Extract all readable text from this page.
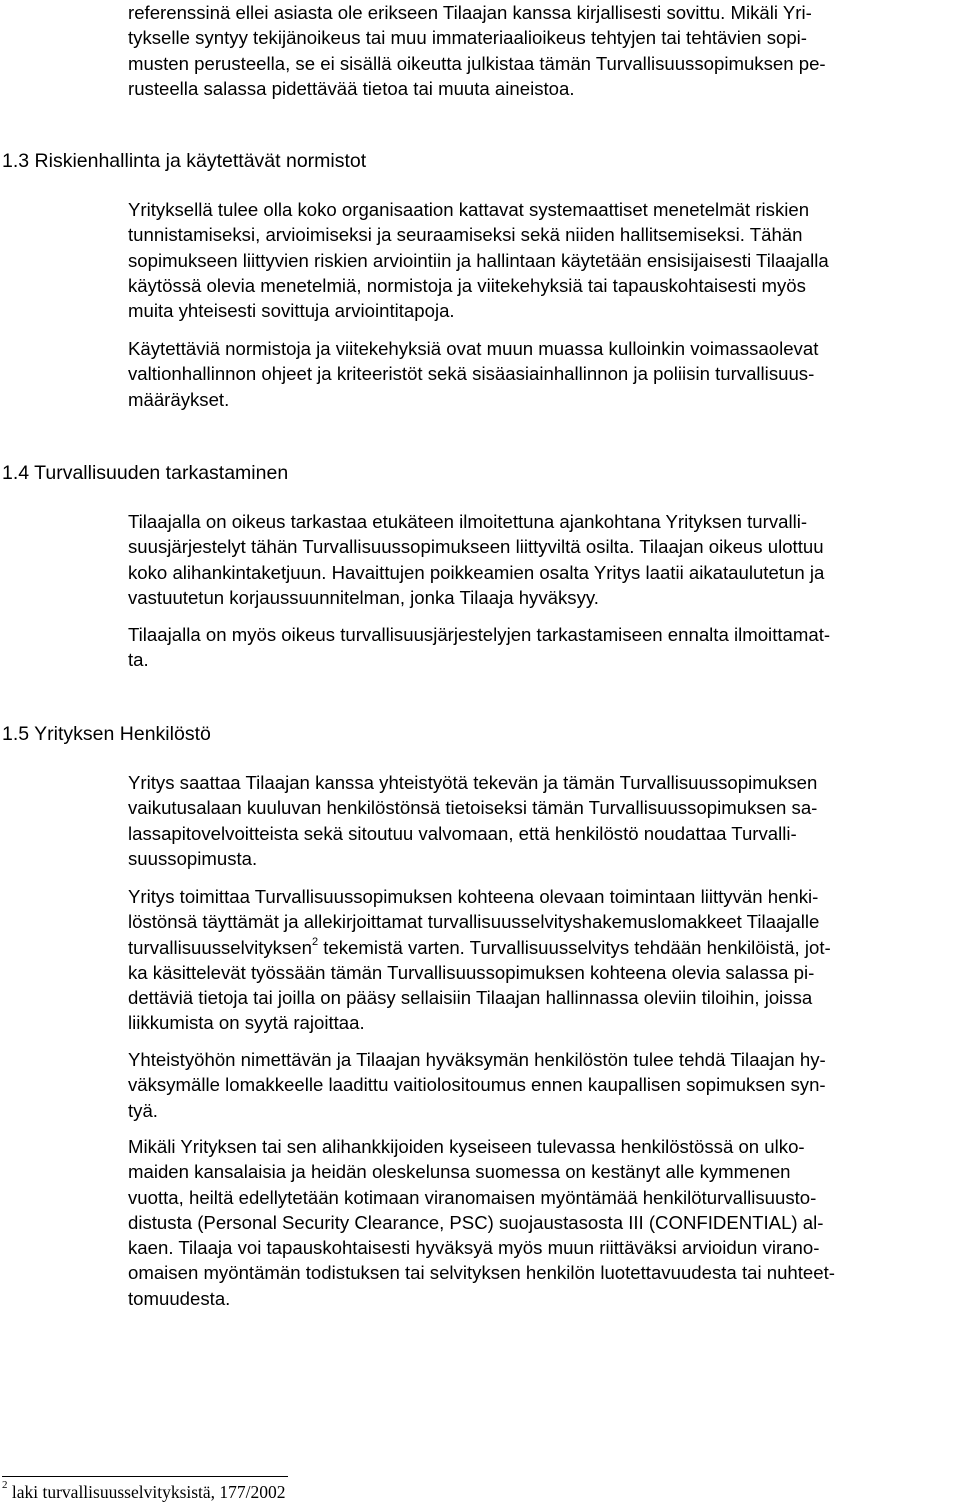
referenssinä ellei asiasta ole erikseen Tilaajan kanssa kirjallisesti sovittu. Mikäli Yri-
tykselle syntyy tekijänoikeus tai muu immateriaalioikeus tehtyjen tai tehtävien sopi-
musten perusteella, se ei sisällä oikeutta julkistaa tämän Turvallisuussopimuksen pe-
rusteella salassa pidettävää tietoa tai muuta aineistoa.
1.3 Riskienhallinta ja käytettävät normistot
Yrityksellä tulee olla koko organisaation kattavat systemaattiset menetelmät riskien
tunnistamiseksi, arvioimiseksi ja seuraamiseksi sekä niiden hallitsemiseksi. Tähän
sopimukseen liittyvien riskien arviointiin ja hallintaan käytetään ensisijaisesti Tilaajalla
käytössä olevia menetelmiä, normistoja ja viitekehyksiä tai tapauskohtaisesti myös
muita yhteisesti sovittuja arviointitapoja.
Käytettäviä normistoja ja viitekehyksiä ovat muun muassa kulloinkin voimassaolevat
valtionhallinnon ohjeet ja kriteeristöt sekä sisäasiainhallinnon ja poliisin turvallisuus-
määräykset.
1.4 Turvallisuuden tarkastaminen
Tilaajalla on oikeus tarkastaa etukäteen ilmoitettuna ajankohtana Yrityksen turvalli-
suusjärjestelyt tähän Turvallisuussopimukseen liittyviltä osilta. Tilaajan oikeus ulottuu
koko alihankintaketjuun. Havaittujen poikkeamien osalta Yritys laatii aikataulutetun ja
vastuutetun korjaussuunnitelman, jonka Tilaaja hyväksyy.
Tilaajalla on myös oikeus turvallisuusjärjestelyjen tarkastamiseen ennalta ilmoittamat-
ta.
1.5 Yrityksen Henkilöstö
Yritys saattaa Tilaajan kanssa yhteistyötä tekevän ja tämän Turvallisuussopimuksen
vaikutusalaan kuuluvan henkilöstönsä tietoiseksi tämän Turvallisuussopimuksen sa-
lassapitovelvoitteista sekä sitoutuu valvomaan, että henkilöstö noudattaa Turvalli-
suussopimusta.
Yritys toimittaa Turvallisuussopimuksen kohteena olevaan toimintaan liittyvän henki-
löstönsä täyttämät ja allekirjoittamat turvallisuusselvityshakemuslomakkeet Tilaajalle
turvallisuusselvityksen$^2$ tekemistä varten. Turvallisuusselvitys tehdään henkilöistä, jot-
ka käsittelevät työssään tämän Turvallisuussopimuksen kohteena olevia salassa pi-
dettäviä tietoja tai joilla on pääsy sellaisiin Tilaajan hallinnassa oleviin tiloihin, joissa
liikkumista on syytä rajoittaa.
Yhteistyöhön nimettävän ja Tilaajan hyväksymän henkilöstön tulee tehdä Tilaajan hy-
väksymälle lomakkeelle laadittu vaitiolositoumus ennen kaupallisen sopimuksen syn-
tyä.
Mikäli Yrityksen tai sen alihankkijoiden kyseiseen tulevassa henkilöstössä on ulko-
maiden kansalaisia ja heidän oleskelunsa suomessa on kestänyt alle kymmenen
vuotta, heiltä edellytetään kotimaan viranomaisen myöntämää henkilöturvallisuusto-
distusta (Personal Security Clearance, PSC) suojaustasosta III (CONFIDENTIAL) al-
kaen. Tilaaja voi tapauskohtaisesti hyväksyä myös muun riittäväksi arvioidun virano-
omaisen myöntämän todistuksen tai selvityksen henkilön luotettavuudesta tai nuhteet-
tomuudesta.
$^2$ laki turvallisuusselvityksistä, 177/2002
